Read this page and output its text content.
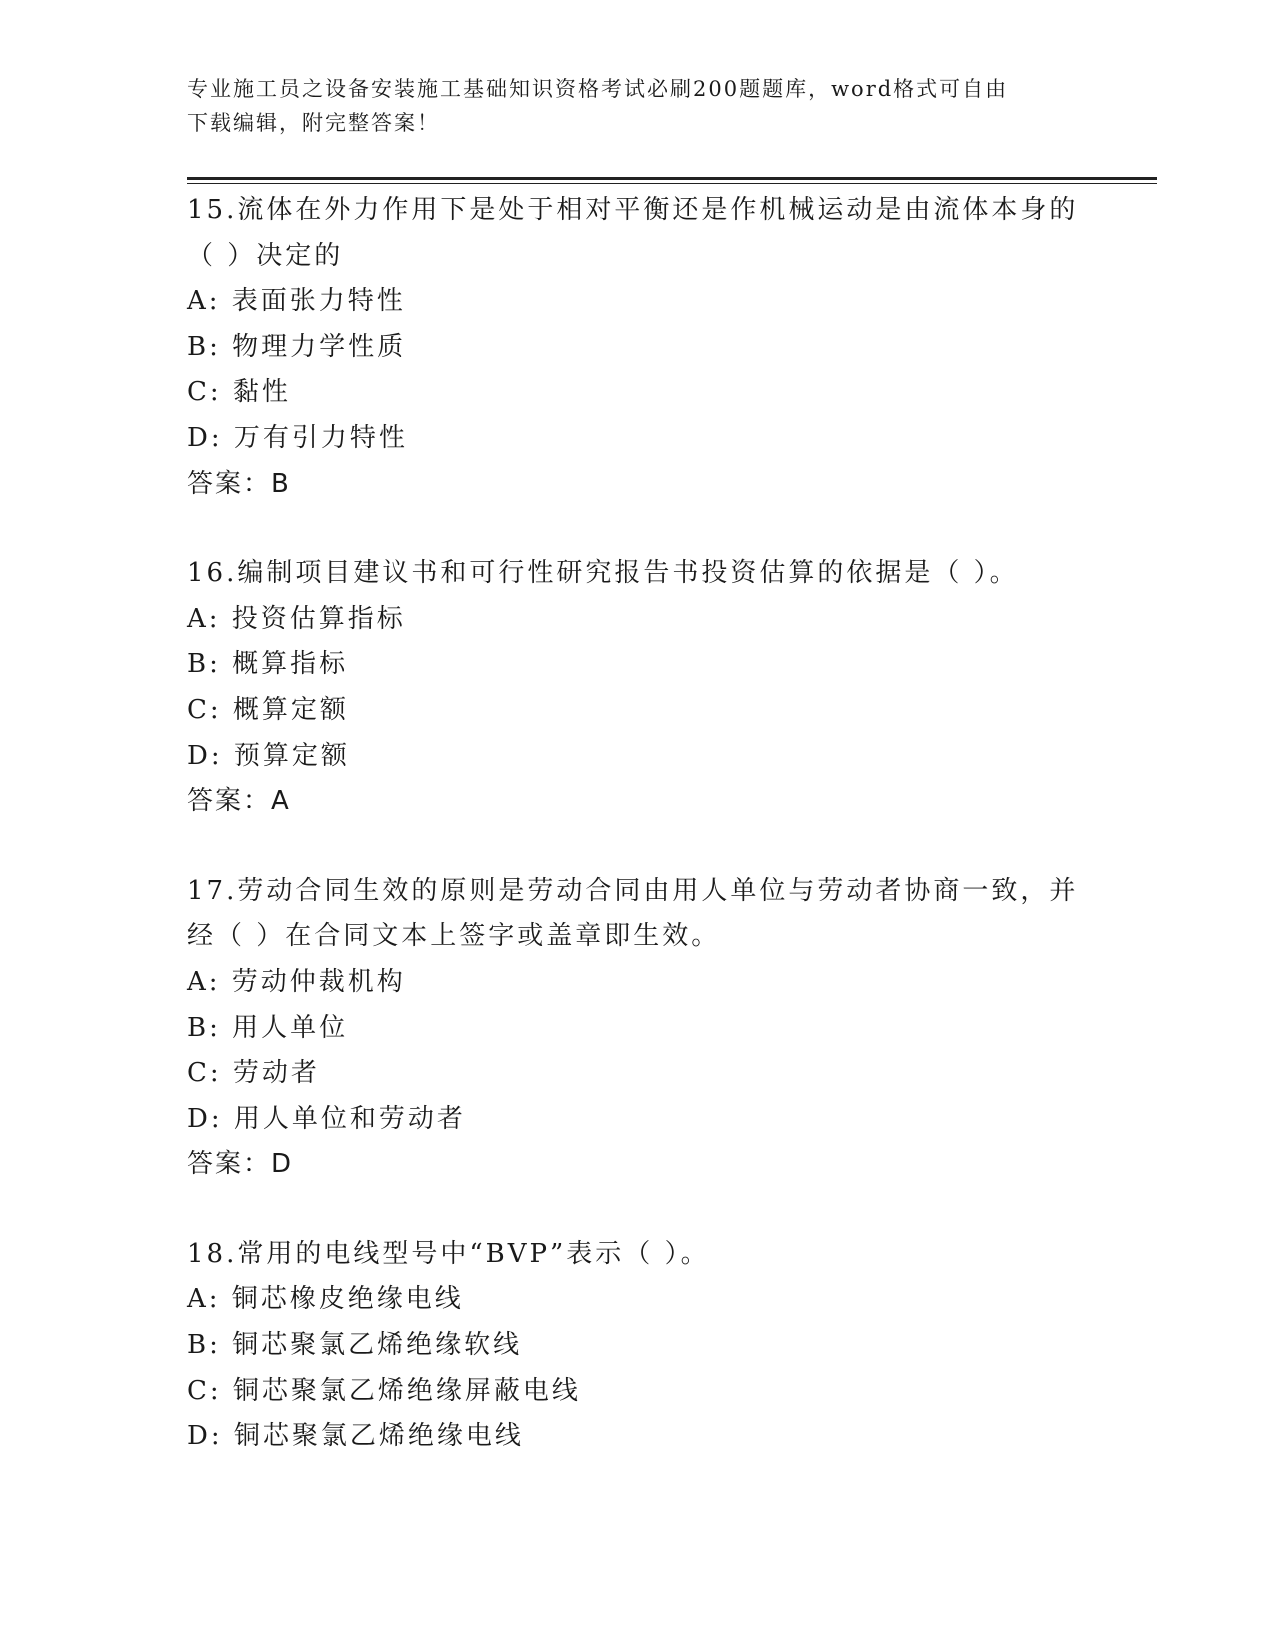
专业施工员之设备安装施工基础知识资格考试必刷200题题库，word格式可自由
下载编辑，附完整答案！
15.流体在外力作用下是处于相对平衡还是作机械运动是由流体本身的
（ ）决定的
A: 表面张力特性
B: 物理力学性质
C: 黏性
D: 万有引力特性
答案：B
16.编制项目建议书和可行性研究报告书投资估算的依据是（ ）。
A: 投资估算指标
B: 概算指标
C: 概算定额
D: 预算定额
答案：A
17.劳动合同生效的原则是劳动合同由用人单位与劳动者协商一致，并
经（ ）在合同文本上签字或盖章即生效。
A: 劳动仲裁机构
B: 用人单位
C: 劳动者
D: 用人单位和劳动者
答案：D
18.常用的电线型号中“BVP”表示（ ）。
A: 铜芯橡皮绝缘电线
B: 铜芯聚氯乙烯绝缘软线
C: 铜芯聚氯乙烯绝缘屏蔽电线
D: 铜芯聚氯乙烯绝缘电线
